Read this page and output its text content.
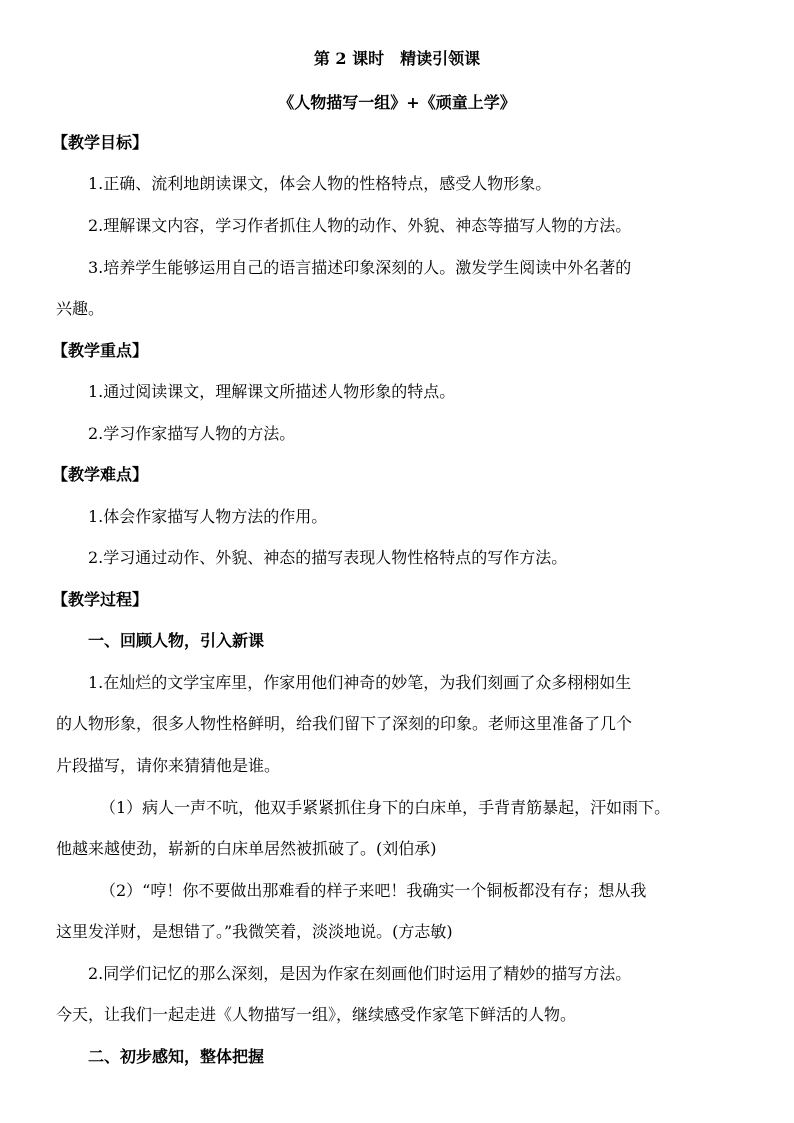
第 2 课时　精读引领课
《人物描写一组》+《顽童上学》
【教学目标】
1.正确、流利地朗读课文，体会人物的性格特点，感受人物形象。
2.理解课文内容，学习作者抓住人物的动作、外貌、神态等描写人物的方法。
3.培养学生能够运用自己的语言描述印象深刻的人。激发学生阅读中外名著的
兴趣。
【教学重点】
1.通过阅读课文，理解课文所描述人物形象的特点。
2.学习作家描写人物的方法。
【教学难点】
1.体会作家描写人物方法的作用。
2.学习通过动作、外貌、神态的描写表现人物性格特点的写作方法。
【教学过程】
一、回顾人物，引入新课
1.在灿烂的文学宝库里，作家用他们神奇的妙笔，为我们刻画了众多栩栩如生
的人物形象，很多人物性格鲜明，给我们留下了深刻的印象。老师这里准备了几个
片段描写，请你来猜猜他是谁。
（1）病人一声不吭，他双手紧紧抓住身下的白床单，手背青筋暴起，汗如雨下。
他越来越使劲，崭新的白床单居然被抓破了。(刘伯承)
（2）“哼！你不要做出那难看的样子来吧！我确实一个铜板都没有存；想从我
这里发洋财，是想错了。”我微笑着，淡淡地说。(方志敏)
2.同学们记忆的那么深刻，是因为作家在刻画他们时运用了精妙的描写方法。
今天，让我们一起走进《人物描写一组》，继续感受作家笔下鲜活的人物。
二、初步感知，整体把握
